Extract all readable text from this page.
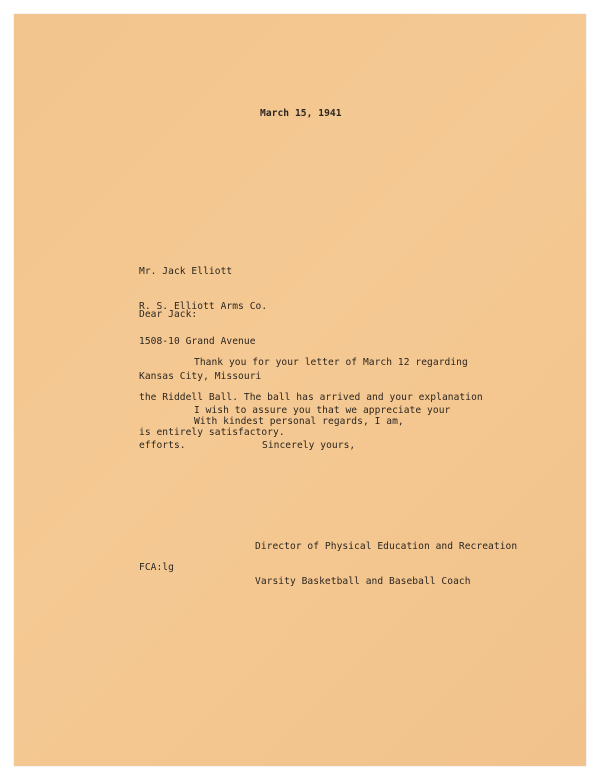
March 15, 1941

Mr. Jack Elliott

R. S. Elliott Arms Co.

1508-10 Grand Avenue

Kansas City, Missouri

Dear Jack:

Thank you for your letter of March 12 regarding

the Riddell Ball. The ball has arrived and your explanation

is entirely satisfactory.

I wish to assure you that we appreciate your

efforts.

With kindest personal regards, I am,
Sincerely yours,

Director of Physical Education and Recreation

Varsity Basketball and Baseball Coach

FCA:lg
